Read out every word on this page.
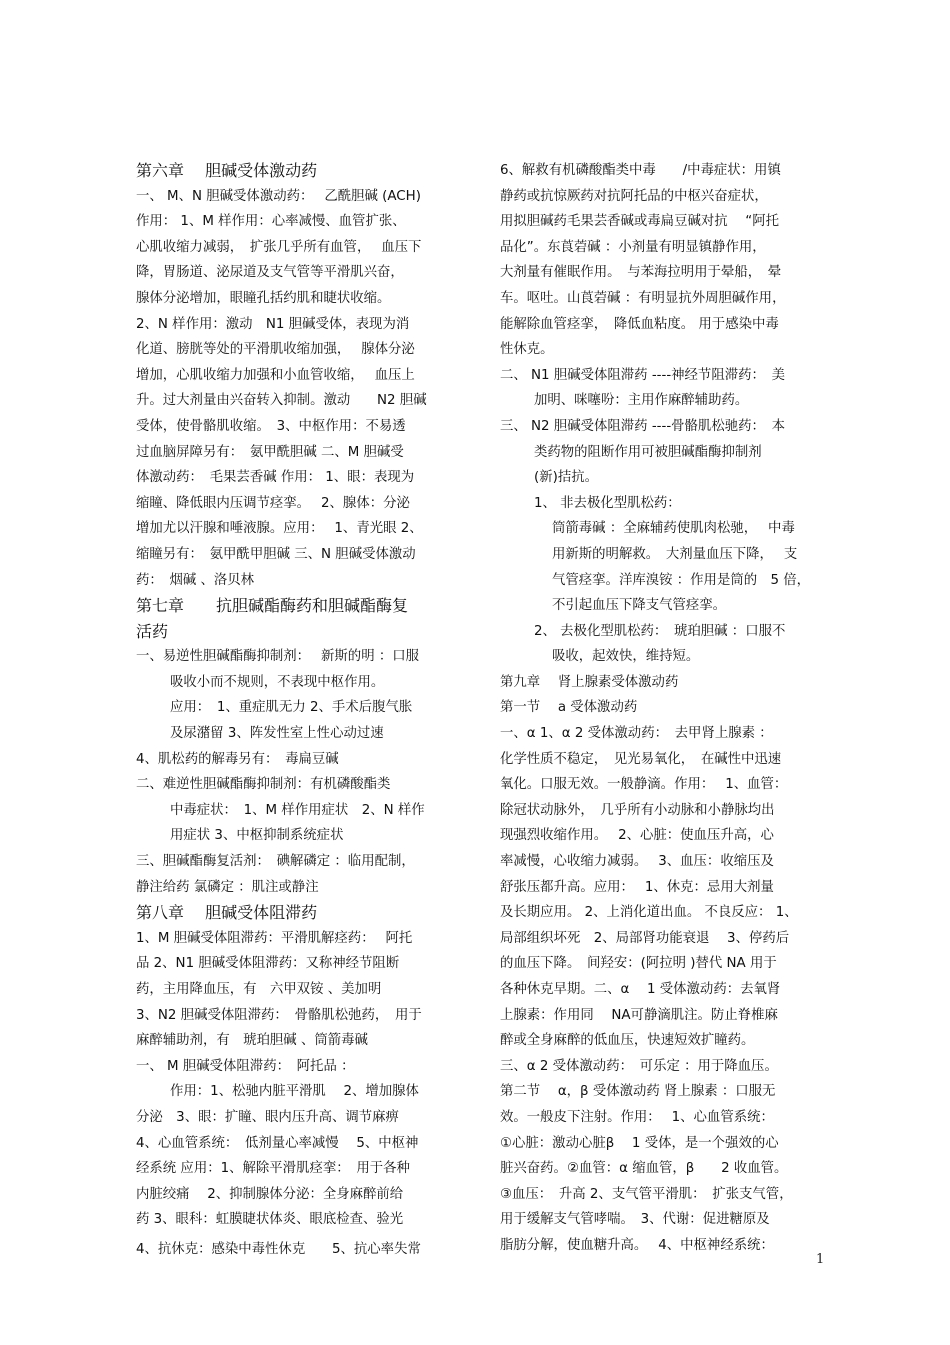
第六章　 胆碱受体激动药
一、 M、N 胆碱受体激动药：　 乙酰胆碱 (ACH)
作用： 1、M 样作用：心率减慢、血管扩张、
心肌收缩力减弱，　扩张几乎所有血管，　 血压下
降，胃肠道、泌尿道及支气管等平滑肌兴奋，
腺体分泌增加，眼瞳孔括约肌和睫状收缩。
2、N 样作用：激动　N1 胆碱受体，表现为消
化道、膀胱等处的平滑肌收缩加强，　 腺体分泌
增加，心肌收缩力加强和小血管收缩，　 血压上
升。过大剂量由兴奋转入抑制。激动　　N2 胆碱
受体，使骨骼肌收缩。　3、中枢作用：不易透
过血脑屏障另有：　氨甲酰胆碱 二、M 胆碱受
体激动药：　毛果芸香碱 作用： 1、眼：表现为
缩瞳、降低眼内压调节痉挛。　 2、腺体：分泌
增加尤以汗腺和唾液腺。应用：　 1、青光眼 2、
缩瞳另有：　氨甲酰甲胆碱 三、N 胆碱受体激动
药：　烟碱 、洛贝林
第七章　　抗胆碱酯酶药和胆碱酯酶复
活药
一、易逆性胆碱酯酶抑制剂：　 新斯的明 ：口服
吸收小而不规则，不表现中枢作用。
应用：　1、重症肌无力 2、手术后腹气胀
及尿潴留 3、阵发性室上性心动过速
4、肌松药的解毒另有：　毒扁豆碱
二、难逆性胆碱酯酶抑制剂：有机磷酸酯类
中毒症状：　1、M 样作用症状　2、N 样作
用症状 3、中枢抑制系统症状
三、胆碱酯酶复活剂：　碘解磷定 ：临用配制，
静注给药 氯磷定 ：肌注或静注
第八章　 胆碱受体阻滞药
1、M 胆碱受体阻滞药：平滑肌解痉药：　 阿托
品 2、N1 胆碱受体阻滞药：又称神经节阻断
药，主用降血压，有　六甲双铵 、美加明
3、N2 胆碱受体阻滞药：　骨骼肌松弛药，　用于
麻醉辅助剂，有　琥珀胆碱 、筒箭毒碱
一、 M 胆碱受体阻滞药：　阿托品 ：
作用：1、松驰内脏平滑肌　 2、增加腺体
分泌　3、眼：扩瞳、眼内压升高、调节麻痹
4、心血管系统：　低剂量心率减慢　 5、中枢神
经系统 应用：1、解除平滑肌痉挛：　用于各种
内脏绞痛　 2、抑制腺体分泌：全身麻醉前给
药 3、眼科：虹膜睫状体炎、眼底检查、验光
4、抗休克：感染中毒性休克　　5、抗心率失常
6、解救有机磷酸酯类中毒　　/中毒症状：用镇
静药或抗惊厥药对抗阿托品的中枢兴奋症状，
用拟胆碱药毛果芸香碱或毒扁豆碱对抗　 “阿托
品化”。东莨菪碱 ：小剂量有明显镇静作用，
大剂量有催眠作用。　与苯海拉明用于晕船，　晕
车。呕吐。山莨菪碱 ：有明显抗外周胆碱作用，
能解除血管痉挛，　降低血粘度。 用于感染中毒
性休克。
二、 N1 胆碱受体阻滞药 ----神经节阻滞药：　美
加明、咪噻吩：主用作麻醉辅助药。
三、 N2 胆碱受体阻滞药 ----骨骼肌松驰药：　本
类药物的阻断作用可被胆碱酯酶抑制剂
(新)拮抗。
1、 非去极化型肌松药：
筒箭毒碱 ：全麻辅药使肌肉松驰，　 中毒
用新斯的明解救。　大剂量血压下降，　 支
气管痉挛。洋库溴铵 ：作用是筒的　5 倍，
不引起血压下降支气管痉挛。
2、 去极化型肌松药：　琥珀胆碱 ：口服不
吸收，起效快，维持短。
第九章　 肾上腺素受体激动药
第一节　 a 受体激动药
一、α 1、α 2 受体激动药：　去甲肾上腺素 ：
化学性质不稳定，　见光易氧化，　在碱性中迅速
氧化。口服无效。一般静滴。作用：　 1、血管：
除冠状动脉外，　几乎所有小动脉和小静脉均出
现强烈收缩作用。　 2、心脏：使血压升高，心
率减慢，心收缩力减弱。　 3、血压：收缩压及
舒张压都升高。应用：　 1、休克：忌用大剂量
及长期应用。 2、上消化道出血。 不良反应： 1、
局部组织坏死　2、局部肾功能衰退　 3、停药后
的血压下降。　间羟安：(阿拉明 )替代 NA 用于
各种休克早期。二、α　 1 受体激动药：去氧肾
上腺素：作用同　 NA可静滴肌注。防止脊椎麻
醉或全身麻醉的低血压，快速短效扩瞳药。
三、α 2 受体激动药：　可乐定 ：用于降血压。
第二节　 α，β 受体激动药 肾上腺素 ：口服无
效。一般皮下注射。作用：　 1、心血管系统：
①心脏：激动心脏β　 1 受体，是一个强效的心
脏兴奋药。②血管：α 缩血管，β　　2 收血管。
③血压：　升高 2、支气管平滑肌：　扩张支气管，
用于缓解支气管哮喘。　3、代谢：促进糖原及
脂肪分解，使血糖升高。　 4、中枢神经系统：
1
